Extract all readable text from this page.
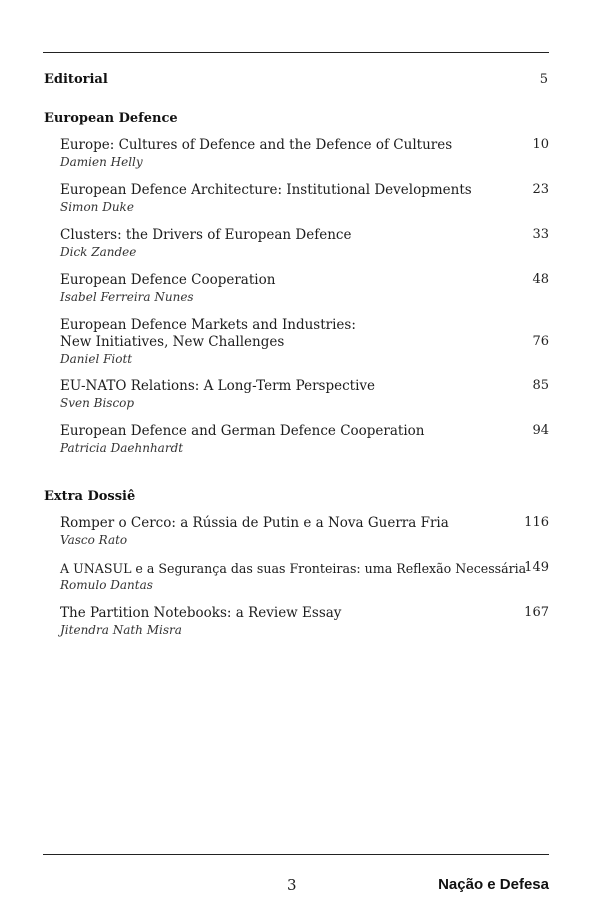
Editorial	5
European Defence
Europe: Cultures of Defence and the Defence of Cultures
Damien Helly
10
European Defence Architecture: Institutional Developments
Simon Duke
23
Clusters: the Drivers of European Defence
Dick Zandee
33
European Defence Cooperation
Isabel Ferreira Nunes
48
European Defence Markets and Industries:
New Initiatives, New Challenges
Daniel Fiott
76
EU-NATO Relations: A Long-Term Perspective
Sven Biscop
85
European Defence and German Defence Cooperation
Patricia Daehnhardt
94
Extra Dossiê
Romper o Cerco: a Rússia de Putin e a Nova Guerra Fria
Vasco Rato
116
A UNASUL e a Segurança das suas Fronteiras: uma Reflexão Necessária
Romulo Dantas
149
The Partition Notebooks: a Review Essay
Jitendra Nath Misra
167
3	Nação e Defesa
